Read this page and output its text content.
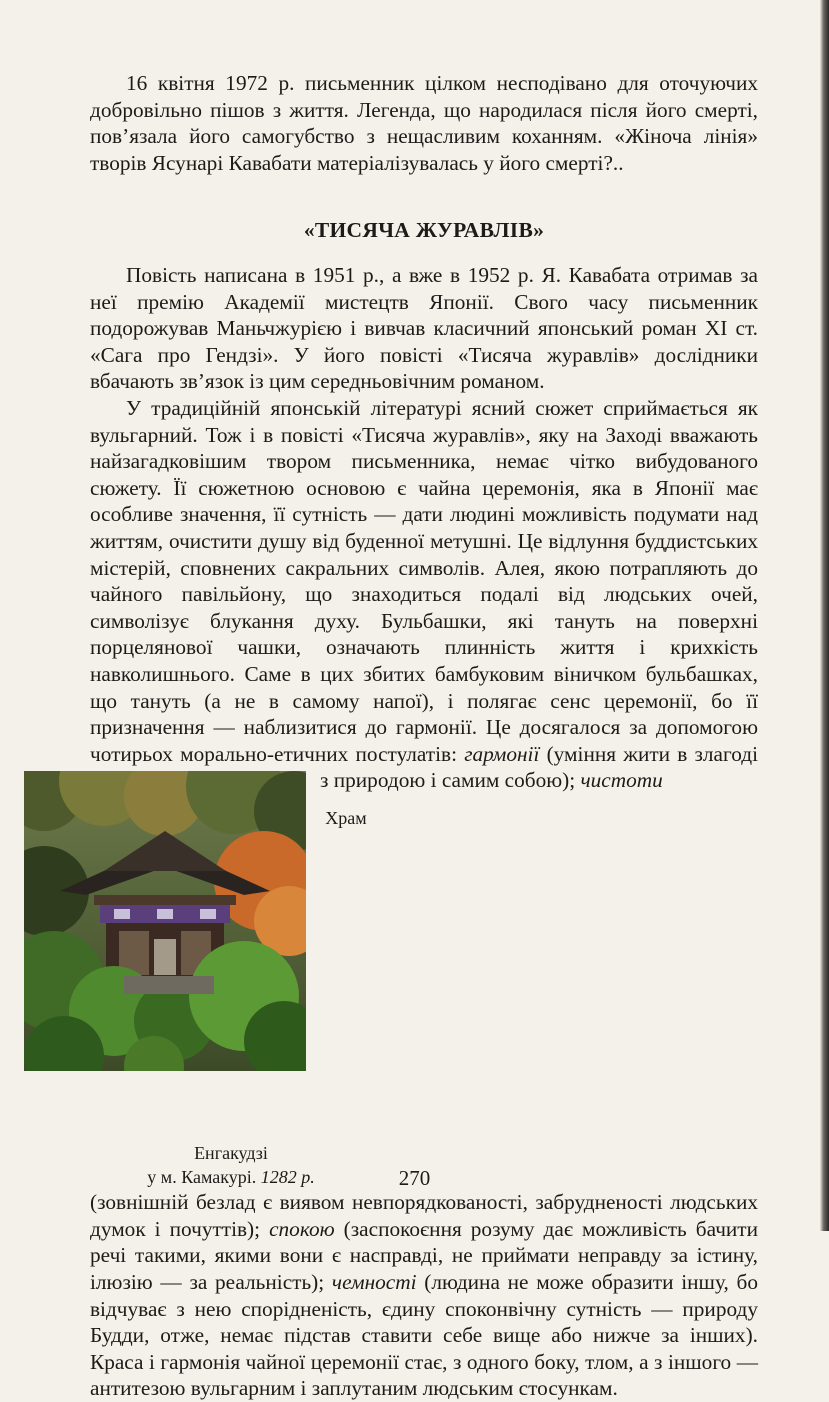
16 квітня 1972 р. письменник цілком несподівано для оточуючих добровільно пішов з життя. Легенда, що народилася після його смерті, пов’язала його самогубство з нещасливим коханням. «Жіноча лінія» творів Ясунарі Кавабати матеріалізувалась у його смерті?..

«ТИСЯЧА ЖУРАВЛІВ»

Повість написана в 1951 р., а вже в 1952 р. Я. Кавабата отримав за неї премію Академії мистецтв Японії. Свого часу письменник подорожував Маньчжурією і вивчав класичний японський роман XI ст. «Сага про Гендзі». У його повісті «Тисяча журавлів» дослідники вбачають зв’язок із цим середньовічним романом.

У традиційній японській літературі ясний сюжет сприймається як вульгарний. Тож і в повісті «Тисяча журавлів», яку на Заході вважають найзагадковішим твором письменника, немає чітко вибудованого сюжету. Її сюжетною основою є чайна церемонія, яка в Японії має особливе значення, її сутність — дати людині можливість подумати над життям, очистити душу від буденної метушні. Це відлуння буддистських містерій, сповнених сакральних символів. Алея, якою потрапляють до чайного павільйону, що знаходиться подалі від людських очей, символізує блукання духу. Бульбашки, які тануть на поверхні порцелянової чашки, означають плинність життя і крихкість навколишнього. Саме в цих збитих бамбуковим віничком бульбашках, що тануть (а не в самому напої), і полягає сенс церемонії, бо її призначення — наблизитися до гармонії. Це досягалося за допомогою чотирьох морально-етичних постулатів: гармонії (уміння жити в злагоді з природою і самим собою); чистоти

Храм Енгакудзі
у м. Камакурі. 1282 р.
(зовнішній безлад є виявом невпорядкованості, забрудненості людських думок і почуттів); спокою (заспокоєння розуму дає можливість бачити речі такими, якими вони є насправді, не приймати неправду за істину, ілюзію — за реальність); чемності (людина не може образити іншу, бо відчуває з нею спорідненість, єдину споконвічну сутність — природу Будди, отже, немає підстав ставити себе вище або нижче за інших). Краса і гармонія чайної церемонії стає, з одного боку, тлом, а з іншого — антитезою вульгарним і заплутаним людським стосункам.

270
